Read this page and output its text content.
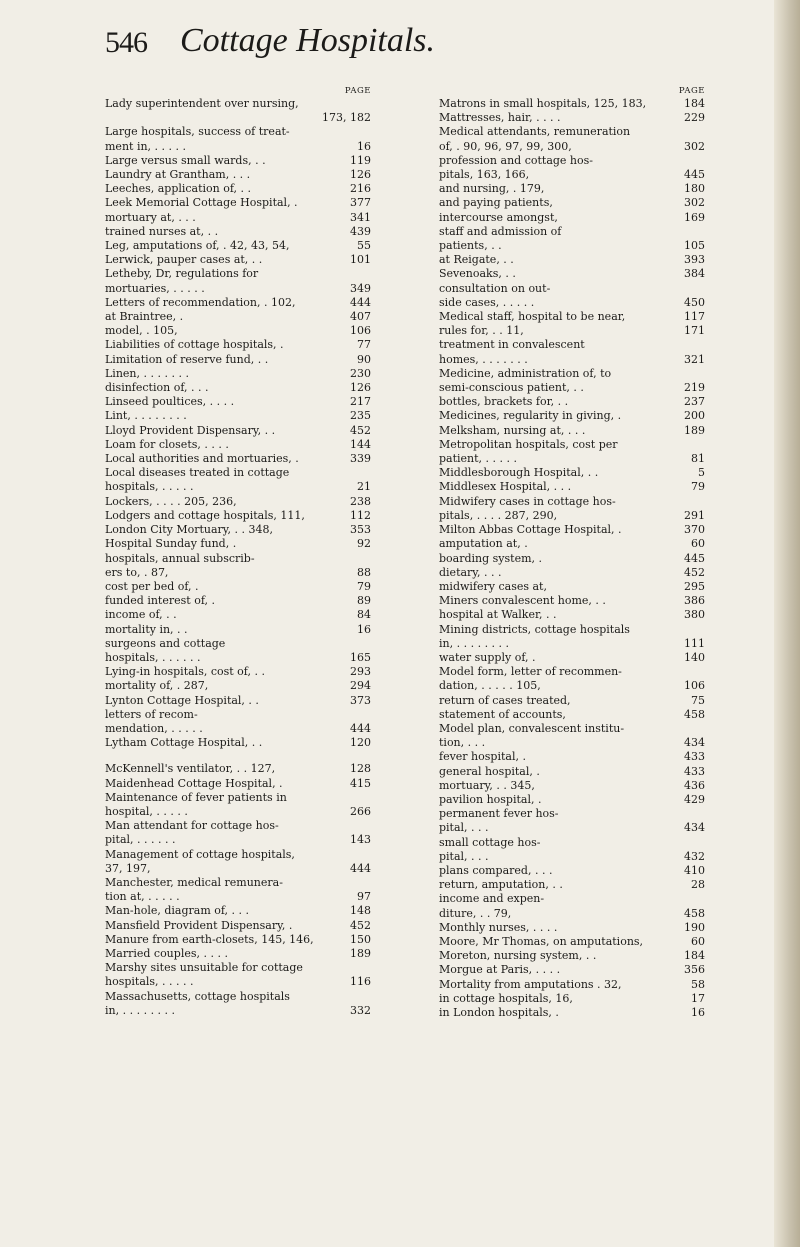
546 Cottage Hospitals.
PAGE
Lady superintendent over nursing,
173, 182
Large hospitals, success of treat-
ment in, . . . . .	16
Large versus small wards, . .	119
Laundry at Grantham, . . .	126
Leeches, application of, . .	216
Leek Memorial Cottage Hospital, .	377
mortuary at, . . .	341
trained nurses at, . .	439
Leg, amputations of, . 42, 43, 54,	55
Lerwick, pauper cases at, . .	101
Letheby, Dr, regulations for
mortuaries, . . . . .	349
Letters of recommendation, . 102,	444
at Braintree, .	407
model, . 105,	106
Liabilities of cottage hospitals, .	77
Limitation of reserve fund, . .	90
Linen, . . . . . . .	230
disinfection of, . . .	126
Linseed poultices, . . . .	217
Lint, . . . . . . . .	235
Lloyd Provident Dispensary, . .	452
Loam for closets, . . . .	144
Local authorities and mortuaries, .	339
Local diseases treated in cottage
hospitals, . . . . .	21
Lockers, . . . . 205, 236,	238
Lodgers and cottage hospitals, 111,	112
London City Mortuary, . . 348,	353
Hospital Sunday fund, .	92
hospitals, annual subscrib-
ers to, . 87,	88
cost per bed of, .	79
funded interest of, .	89
income of, . .	84
mortality in, . .	16
surgeons and cottage
hospitals, . . . . . .	165
Lying-in hospitals, cost of, . .	293
mortality of, . 287,	294
Lynton Cottage Hospital, . .	373
letters of recom-
mendation, . . . . .	444
Lytham Cottage Hospital, . .	120
McKennell's ventilator, . . 127,	128
Maidenhead Cottage Hospital, .	415
Maintenance of fever patients in
hospital, . . . . .	266
Man attendant for cottage hos-
pital, . . . . . .	143
Management of cottage hospitals,
37, 197,	444
Manchester, medical remunera-
tion at, . . . . .	97
Man-hole, diagram of, . . .	148
Mansfield Provident Dispensary, .	452
Manure from earth-closets, 145, 146,	150
Married couples, . . . .	189
Marshy sites unsuitable for cottage
hospitals, . . . . .	116
Massachusetts, cottage hospitals
in, . . . . . . . .	332
PAGE
Matrons in small hospitals, 125, 183,	184
Mattresses, hair, . . . .	229
Medical attendants, remuneration
of, . 90, 96, 97, 99, 300,	302
profession and cottage hos-
pitals, 163, 166,	445
and nursing, . 179,	180
and paying patients,	302
intercourse amongst,	169
staff and admission of
patients, . .	105
at Reigate, . .	393
Sevenoaks, . .	384
consultation on out-
side cases, . . . . .	450
Medical staff, hospital to be near,	117
rules for, . . 11,	171
treatment in convalescent
homes, . . . . . . .	321
Medicine, administration of, to
semi-conscious patient, . .	219
bottles, brackets for, . .	237
Medicines, regularity in giving, .	200
Melksham, nursing at, . . .	189
Metropolitan hospitals, cost per
patient, . . . . .	81
Middlesborough Hospital, . .	5
Middlesex Hospital, . . .	79
Midwifery cases in cottage hos-
pitals, . . . . 287, 290,	291
Milton Abbas Cottage Hospital, .	370
amputation at, .	60
boarding system, .	445
dietary, . . .	452
midwifery cases at,	295
Miners convalescent home, . .	386
hospital at Walker, . .	380
Mining districts, cottage hospitals
in, . . . . . . . .	111
water supply of, .	140
Model form, letter of recommen-
dation, . . . . . 105,	106
return of cases treated,	75
statement of accounts,	458
Model plan, convalescent institu-
tion, . . .	434
fever hospital, .	433
general hospital, .	433
mortuary, . . 345,	436
pavilion hospital, .	429
permanent fever hos-
pital, . . .	434
small cottage hos-
pital, . . .	432
plans compared, . . .	410
return, amputation, . .	28
income and expen-
diture, . . 79,	458
Monthly nurses, . . . .	190
Moore, Mr Thomas, on amputations,	60
Moreton, nursing system, . .	184
Morgue at Paris, . . . .	356
Mortality from amputations . 32,	58
in cottage hospitals, 16,	17
in London hospitals, .	16
